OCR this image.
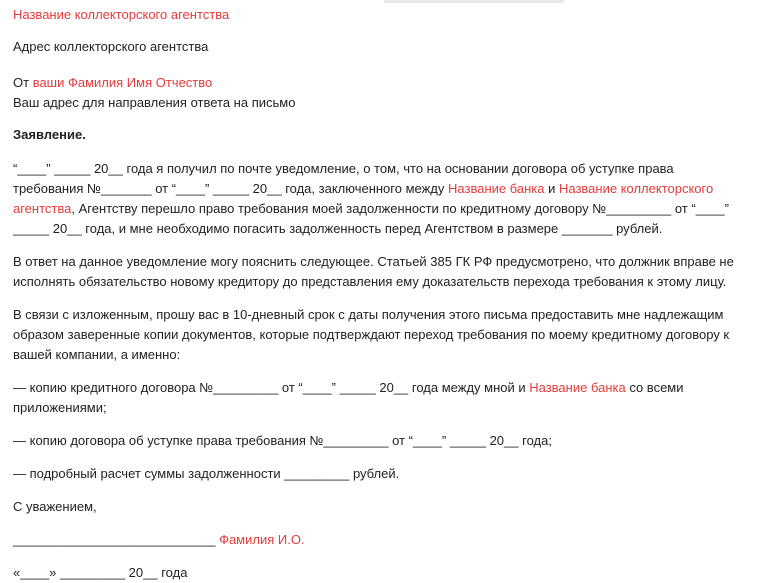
Название коллекторского агентства

Адрес коллекторского агентства

От ваши Фамилия Имя Отчество

Ваш адрес для направления ответа на письмо

Заявление.

“____” _____ 20__ года я получил по почте уведомление, о том, что на основании договора об уступке права

требования №_______ от “____” _____ 20__ года, заключенного между Название банка и Название коллекторского

агентства, Агентству перешло право требования моей задолженности по кредитному договору №_________ от “____”

_____ 20__ года, и мне необходимо погасить задолженность перед Агентством в размере _______ рублей.

В ответ на данное уведомление могу пояснить следующее. Статьей 385 ГК РФ предусмотрено, что должник вправе не

исполнять обязательство новому кредитору до представления ему доказательств перехода требования к этому лицу.

В связи с изложенным, прошу вас в 10-дневный срок с даты получения этого письма предоставить мне надлежащим

образом заверенные копии документов, которые подтверждают переход требования по моему кредитному договору к

вашей компании, а именно:

— копию кредитного договора №_________ от “____” _____ 20__ года между мной и Название банка со всеми

приложениями;

— копию договора об уступке права требования №_________ от “____” _____ 20__ года;

— подробный расчет суммы задолженности _________ рублей.

С уважением,

____________________________ Фамилия И.О.

«____» _________ 20__ года
